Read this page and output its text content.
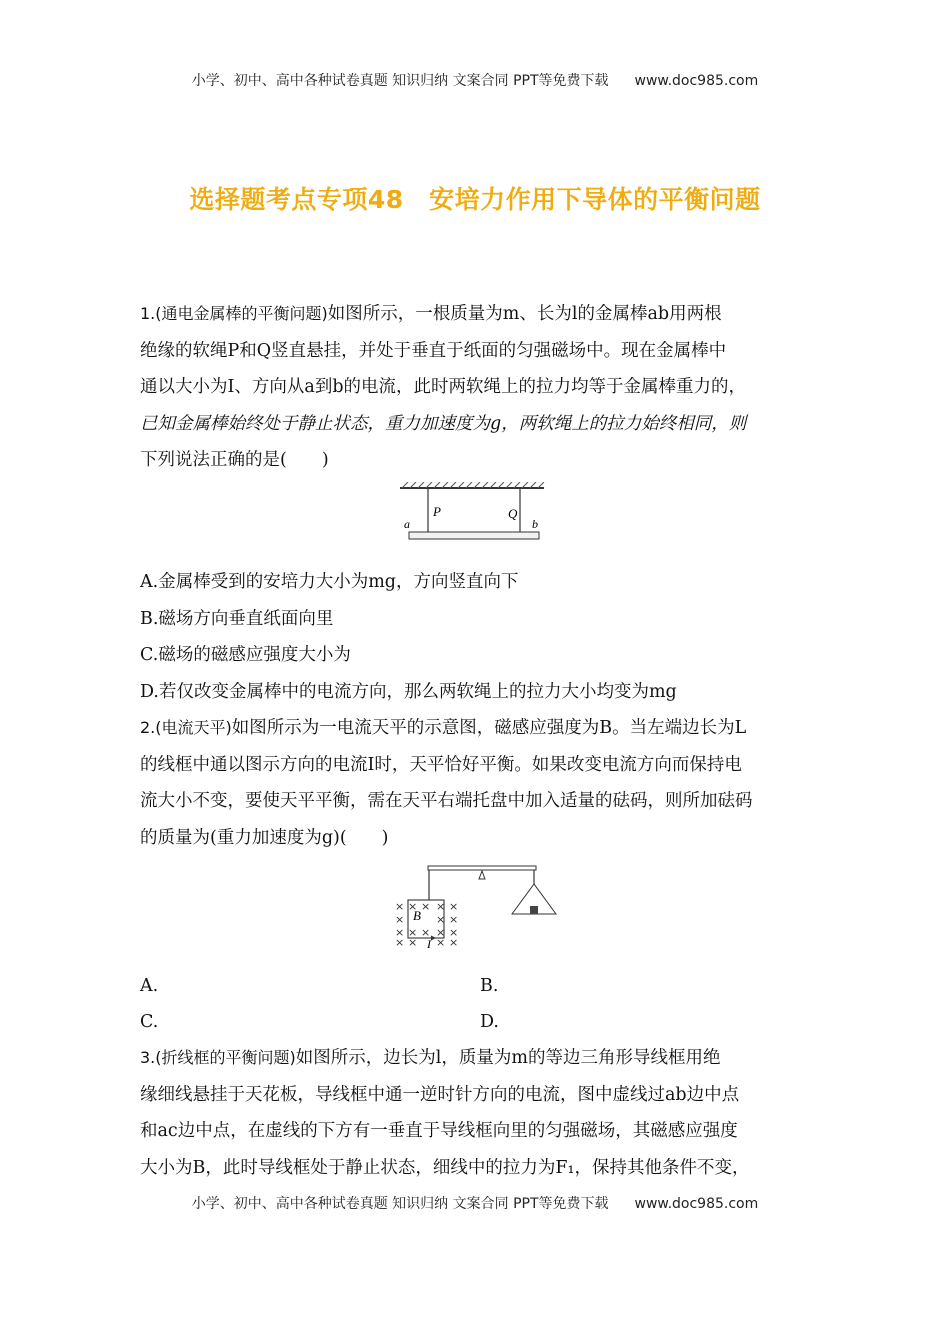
小学、初中、高中各种试卷真题 知识归纳 文案合同 PPT等免费下载 www.doc985.com
选择题考点专项48　安培力作用下导体的平衡问题

1.(通电金属棒的平衡问题)如图所示，一根质量为m、长为l的金属棒ab用两根

绝缘的软绳P和Q竖直悬挂，并处于垂直于纸面的匀强磁场中。现在金属棒中

通以大小为I、方向从a到b的电流，此时两软绳上的拉力均等于金属棒重力的，

已知金属棒始终处于静止状态，重力加速度为g，两软绳上的拉力始终相同，则

下列说法正确的是(　　)

P	Q
a	b

A.金属棒受到的安培力大小为mg，方向竖直向下

B.磁场方向垂直纸面向里

C.磁场的磁感应强度大小为

D.若仅改变金属棒中的电流方向，那么两软绳上的拉力大小均变为mg

2.(电流天平)如图所示为一电流天平的示意图，磁感应强度为B。当左端边长为L

的线框中通以图示方向的电流I时，天平恰好平衡。如果改变电流方向而保持电

流大小不变，要使天平平衡，需在天平右端托盘中加入适量的砝码，则所加砝码

的质量为(重力加速度为g)(　　)

× × × × ×
×	× ×
× × × × ×
× × × ×
B
I
A.	B.
C.	D.

3.(折线框的平衡问题)如图所示，边长为l，质量为m的等边三角形导线框用绝

缘细线悬挂于天花板，导线框中通一逆时针方向的电流，图中虚线过ab边中点

和ac边中点，在虚线的下方有一垂直于导线框向里的匀强磁场，其磁感应强度

大小为B，此时导线框处于静止状态，细线中的拉力为F₁，保持其他条件不变，

小学、初中、高中各种试卷真题 知识归纳 文案合同 PPT等免费下载 www.doc985.com
